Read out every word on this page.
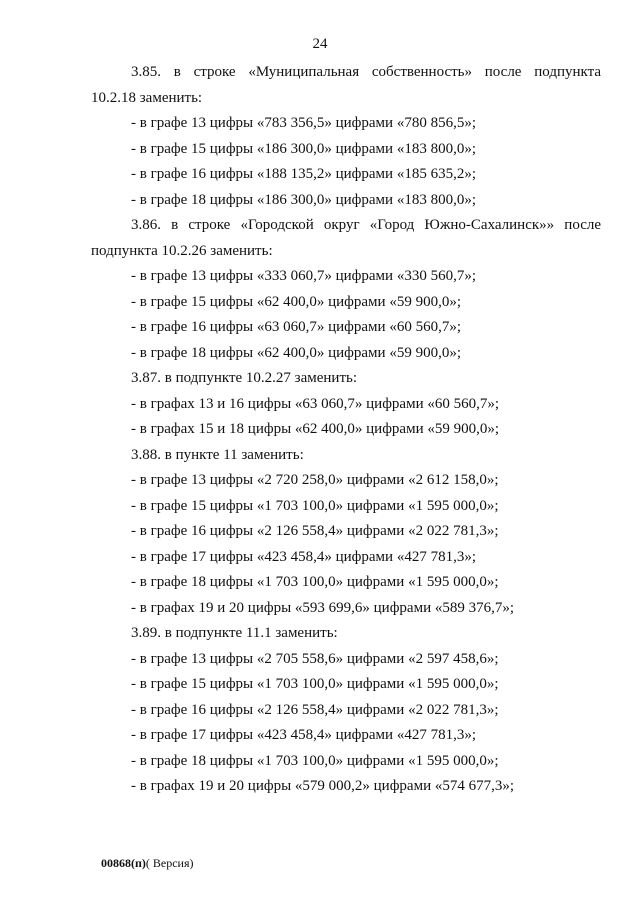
24
3.85. в строке «Муниципальная собственность» после подпункта
10.2.18 заменить:
- в графе 13 цифры «783 356,5» цифрами «780 856,5»;
- в графе 15 цифры «186 300,0» цифрами «183 800,0»;
- в графе 16 цифры «188 135,2» цифрами «185 635,2»;
- в графе 18 цифры «186 300,0» цифрами «183 800,0»;
3.86. в строке «Городской округ «Город Южно-Сахалинск»» после
подпункта 10.2.26 заменить:
- в графе 13 цифры «333 060,7» цифрами «330 560,7»;
- в графе 15 цифры «62 400,0» цифрами «59 900,0»;
- в графе 16 цифры «63 060,7» цифрами «60 560,7»;
- в графе 18 цифры «62 400,0» цифрами «59 900,0»;
3.87. в подпункте 10.2.27 заменить:
- в графах 13 и 16 цифры «63 060,7» цифрами «60 560,7»;
- в графах 15 и 18 цифры «62 400,0» цифрами «59 900,0»;
3.88. в пункте 11 заменить:
- в графе 13 цифры «2 720 258,0» цифрами «2 612 158,0»;
- в графе 15 цифры «1 703 100,0» цифрами «1 595 000,0»;
- в графе 16 цифры «2 126 558,4» цифрами «2 022 781,3»;
- в графе 17 цифры «423 458,4» цифрами «427 781,3»;
- в графе 18 цифры «1 703 100,0» цифрами «1 595 000,0»;
- в графах 19 и 20 цифры «593 699,6» цифрами «589 376,7»;
3.89. в подпункте 11.1 заменить:
- в графе 13 цифры «2 705 558,6» цифрами «2 597 458,6»;
- в графе 15 цифры «1 703 100,0» цифрами «1 595 000,0»;
- в графе 16 цифры «2 126 558,4» цифрами «2 022 781,3»;
- в графе 17 цифры «423 458,4» цифрами «427 781,3»;
- в графе 18 цифры «1 703 100,0» цифрами «1 595 000,0»;
- в графах 19 и 20 цифры «579 000,2» цифрами «574 677,3»;
00868(п)( Версия)
